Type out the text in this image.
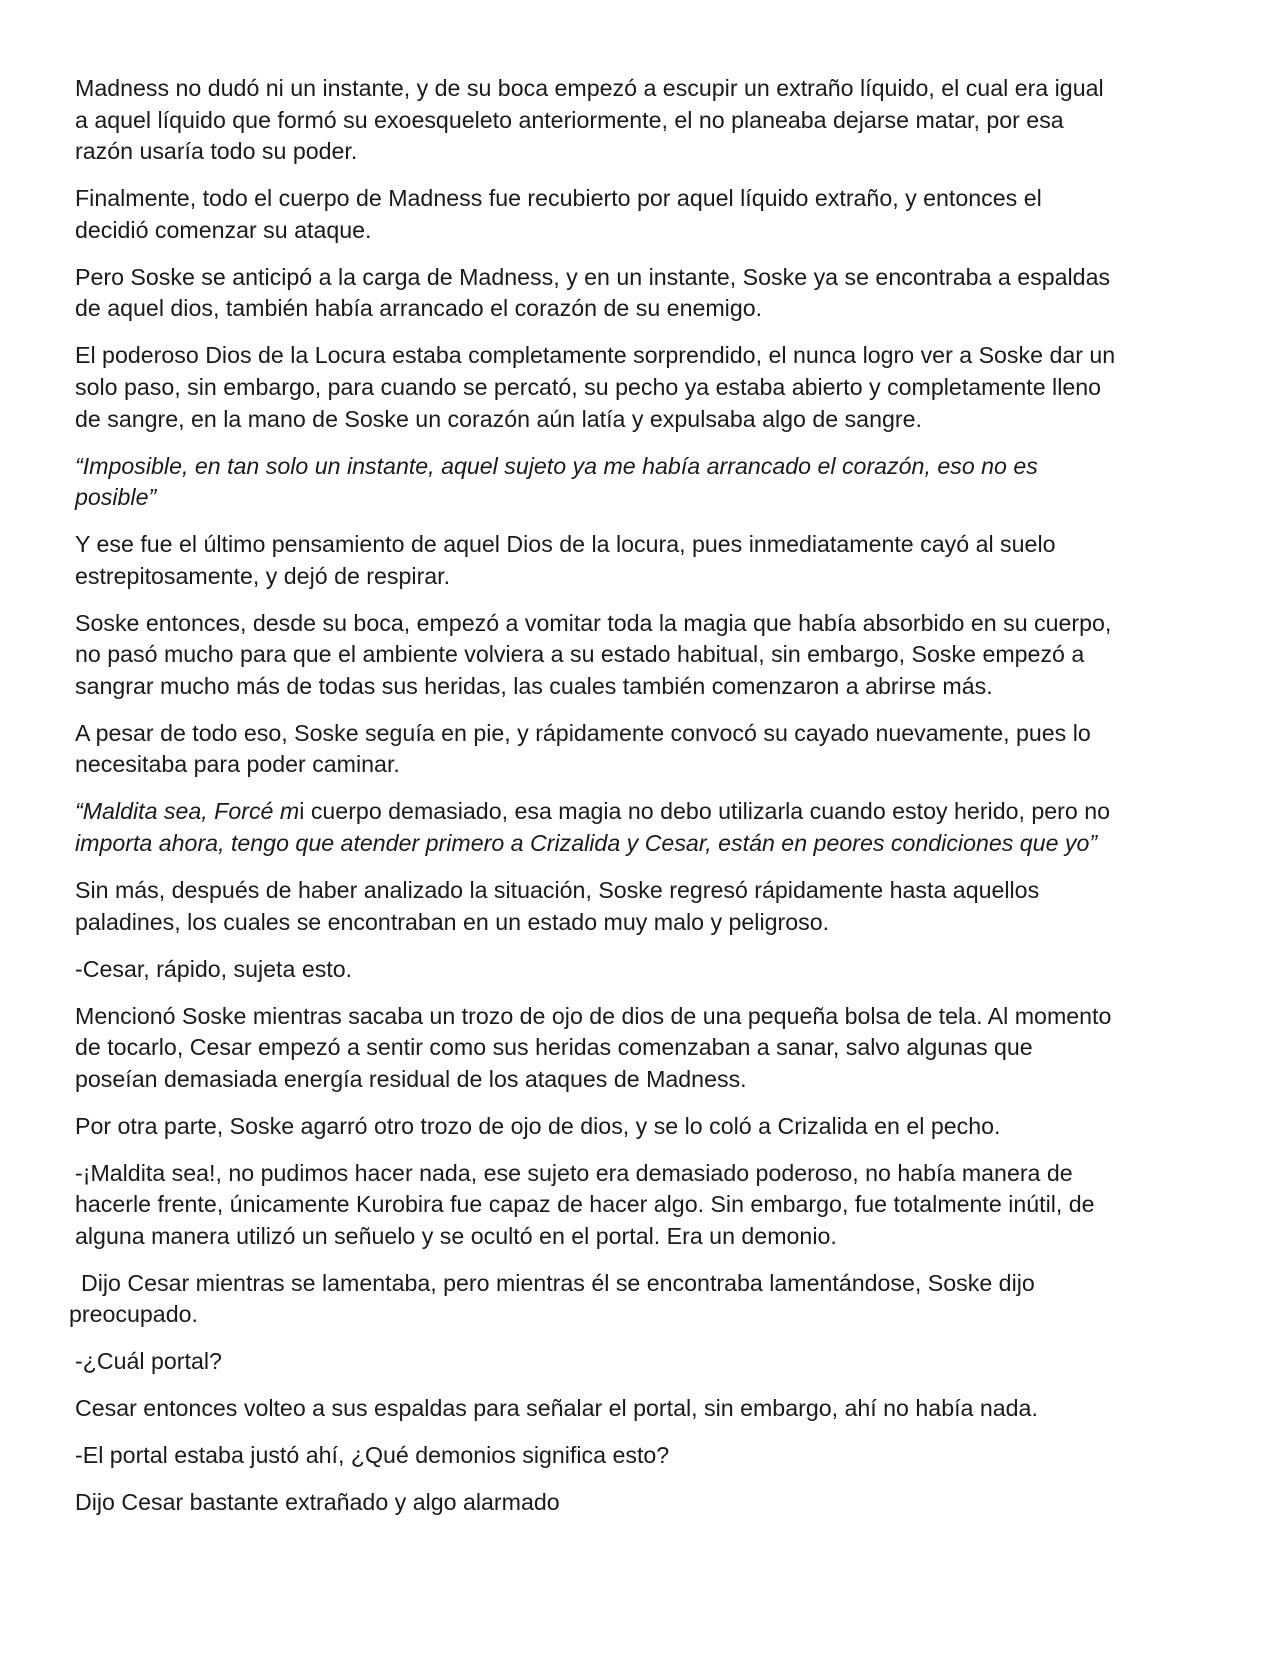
Madness no dudó ni un instante, y de su boca empezó a escupir un extraño líquido, el cual era igual
a aquel líquido que formó su exoesqueleto anteriormente, el no planeaba dejarse matar, por esa
razón usaría todo su poder.

Finalmente, todo el cuerpo de Madness fue recubierto por aquel líquido extraño, y entonces el
decidió comenzar su ataque.

Pero Soske se anticipó a la carga de Madness, y en un instante, Soske ya se encontraba a espaldas
de aquel dios, también había arrancado el corazón de su enemigo.

El poderoso Dios de la Locura estaba completamente sorprendido, el nunca logro ver a Soske dar un
solo paso, sin embargo, para cuando se percató, su pecho ya estaba abierto y completamente lleno
de sangre, en la mano de Soske un corazón aún latía y expulsaba algo de sangre.

“Imposible, en tan solo un instante, aquel sujeto ya me había arrancado el corazón, eso no es
posible”

Y ese fue el último pensamiento de aquel Dios de la locura, pues inmediatamente cayó al suelo
estrepitosamente, y dejó de respirar.

Soske entonces, desde su boca, empezó a vomitar toda la magia que había absorbido en su cuerpo,
no pasó mucho para que el ambiente volviera a su estado habitual, sin embargo, Soske empezó a
sangrar mucho más de todas sus heridas, las cuales también comenzaron a abrirse más.

A pesar de todo eso, Soske seguía en pie, y rápidamente convocó su cayado nuevamente, pues lo
necesitaba para poder caminar.

“Maldita sea, Forcé mi cuerpo demasiado, esa magia no debo utilizarla cuando estoy herido, pero no
importa ahora, tengo que atender primero a Crizalida y Cesar, están en peores condiciones que yo”

Sin más, después de haber analizado la situación, Soske regresó rápidamente hasta aquellos
paladines, los cuales se encontraban en un estado muy malo y peligroso.

-Cesar, rápido, sujeta esto.

Mencionó Soske mientras sacaba un trozo de ojo de dios de una pequeña bolsa de tela. Al momento
de tocarlo, Cesar empezó a sentir como sus heridas comenzaban a sanar, salvo algunas que
poseían demasiada energía residual de los ataques de Madness.

Por otra parte, Soske agarró otro trozo de ojo de dios, y se lo coló a Crizalida en el pecho.

-¡Maldita sea!, no pudimos hacer nada, ese sujeto era demasiado poderoso, no había manera de
hacerle frente, únicamente Kurobira fue capaz de hacer algo. Sin embargo, fue totalmente inútil, de
alguna manera utilizó un señuelo y se ocultó en el portal. Era un demonio.

Dijo Cesar mientras se lamentaba, pero mientras él se encontraba lamentándose, Soske dijo
preocupado.

-¿Cuál portal?

Cesar entonces volteo a sus espaldas para señalar el portal, sin embargo, ahí no había nada.

-El portal estaba justó ahí, ¿Qué demonios significa esto?

Dijo Cesar bastante extrañado y algo alarmado
